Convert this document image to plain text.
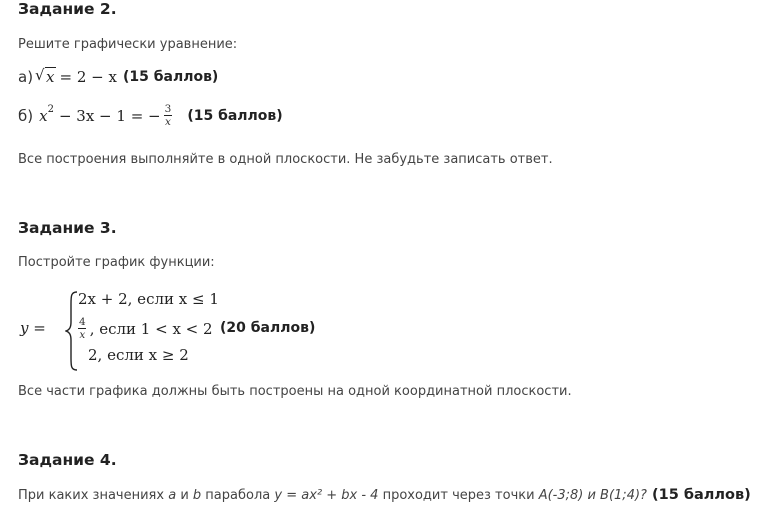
Задание 2.

Решите графически уравнение:

а) √ x = 2 − x (15 баллов)
б) $x^2 - 3x - 1$ = − $\frac{3}{x} (15$ баллов)

Все построения выполняйте в одной плоскости. Не забудьте записать ответ.

Задание 3.

Постройте график функции:

y =
2x + 2, если x ≤ 1
$\frac{4}{x}$ , если 1 < x < 2
2, если x ≥ 2
(20 баллов)

Все части графика должны быть построены на одной координатной плоскости.

Задание 4.

При каких значениях a и b парабола y = ax² + bx - 4 проходит через точки A(-3;8) и B(1;4)? (15 баллов)
